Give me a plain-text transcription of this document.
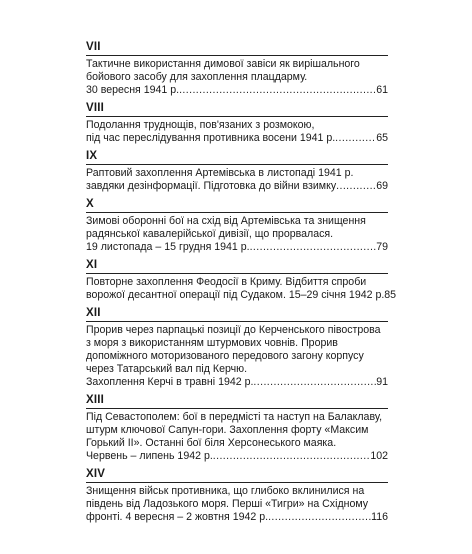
VII
Тактичне використання димової завіси як вирішального
бойового засобу для захоплення плацдарму.
30 вересня 1941 р. .....	61
VIII
Подолання труднощів, пов'язаних з розмокою,
під час переслідування противника восени 1941 р. .....	65
IX
Раптовий захоплення Артемівська в листопаді 1941 р.
завдяки дезінформації. Підготовка до війни взимку .....	69
X
Зимові оборонні бої на схід від Артемівська та знищення
радянської кавалерійської дивізії, що прорвалася.
19 листопада – 15 грудня 1941 р. .....	79
XI
Повторне захоплення Феодосії в Криму. Відбиття спроби
ворожої десантної операції під Судаком. 15–29 січня 1942 р. 85
XII
Прорив через парпацькі позиції до Керченського півострова
з моря з використанням штурмових човнів. Прорив
допоміжного моторизованого передового загону корпусу
через Татарський вал під Керчю.
Захоплення Керчі в травні 1942 р. .....	91
XIII
Під Севастополем: бої в передмісті та наступ на Балаклаву,
штурм ключової Сапун-гори. Захоплення форту «Максим
Горький II». Останні бої біля Херсонеського маяка.
Червень – липень 1942 р. .....	102
XIV
Знищення військ противника, що глибоко вклинилися на
південь від Ладозького моря. Перші «Тигри» на Східному
фронті. 4 вересня – 2 жовтня 1942 р. .....	116
